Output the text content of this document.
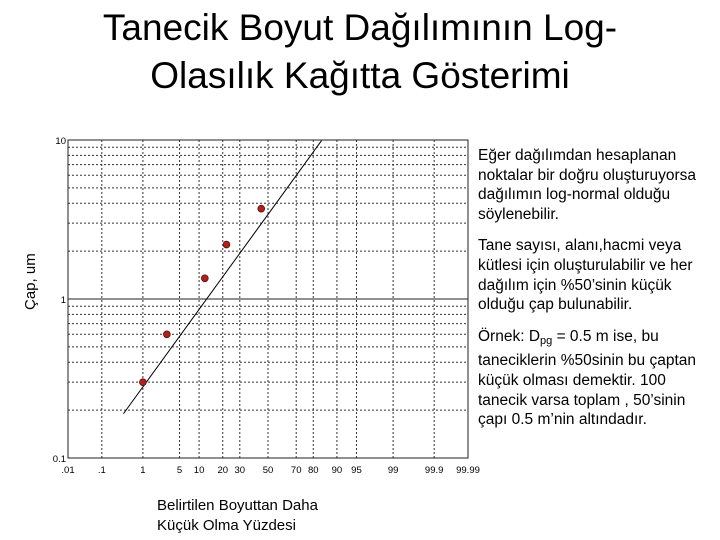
Tanecik Boyut Dağılımının Log-
Olasılık Kağıtta Gösterimi
Çap, um
.01 .1	1	5 10 20 30 50 70 80 90 95	99	99.9 99.99
10
1
0.1
Belirtilen Boyuttan Daha
Küçük Olma Yüzdesi

Eğer dağılımdan hesaplanan noktalar bir doğru oluşturuyorsa dağılımın log-normal olduğu söylenebilir.

Tane sayısı, alanı,hacmi veya kütlesi için oluşturulabilir ve her dağılım için %50’sinin küçük olduğu çap bulunabilir.

Örnek: Dpg = 0.5 m ise, bu taneciklerin %50sinin bu çaptan küçük olması demektir. 100 tanecik varsa toplam , 50’sinin çapı 0.5 m’nin altındadır.
